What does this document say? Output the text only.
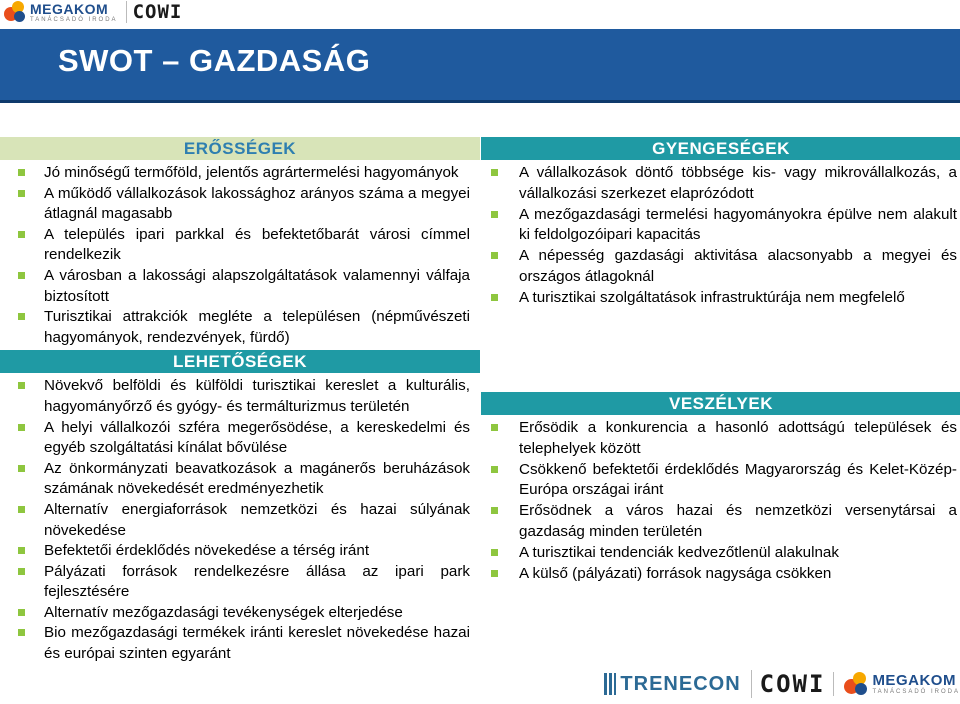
MEGAKOM
TANÁCSADÓ IRODA COWI
SWOT – GAZDASÁG
ERŐSSÉGEK
Jó minőségű termőföld, jelentős agrártermelési hagyományok
A működő vállalkozások lakossághoz arányos száma a megyei átlagnál magasabb
A település ipari parkkal és befektetőbarát városi címmel rendelkezik
A városban a lakossági alapszolgáltatások valamennyi válfaja biztosított
Turisztikai attrakciók megléte a településen (népművészeti hagyományok, rendezvények, fürdő)
LEHETŐSÉGEK
Növekvő belföldi és külföldi turisztikai kereslet a kulturális, hagyományőrző és gyógy- és termálturizmus területén
A helyi vállalkozói szféra megerősödése, a kereskedelmi és egyéb szolgáltatási kínálat bővülése
Az önkormányzati beavatkozások a magánerős beruházások számának növekedését eredményezhetik
Alternatív energiaforrások nemzetközi és hazai súlyának növekedése
Befektetői érdeklődés növekedése a térség iránt
Pályázati források rendelkezésre állása az ipari park fejlesztésére
Alternatív mezőgazdasági tevékenységek elterjedése
Bio mezőgazdasági termékek iránti kereslet növekedése hazai és európai szinten egyaránt
GYENGESÉGEK
A vállalkozások döntő többsége kis- vagy mikrovállalkozás, a vállalkozási szerkezet elaprózódott
A mezőgazdasági termelési hagyományokra épülve nem alakult ki feldolgozóipari kapacitás
A népesség gazdasági aktivitása alacsonyabb a megyei és országos átlagoknál
A turisztikai szolgáltatások infrastruktúrája nem megfelelő
VESZÉLYEK
Erősödik a konkurencia a hasonló adottságú települések és telephelyek között
Csökkenő befektetői érdeklődés Magyarország és Kelet-Közép-Európa országai iránt
Erősödnek a város hazai és nemzetközi versenytársai a gazdaság minden területén
A turisztikai tendenciák kedvezőtlenül alakulnak
A külső (pályázati) források nagysága csökken
TRENECON COWI	MEGAKOM
TANÁCSADÓ IRODA
